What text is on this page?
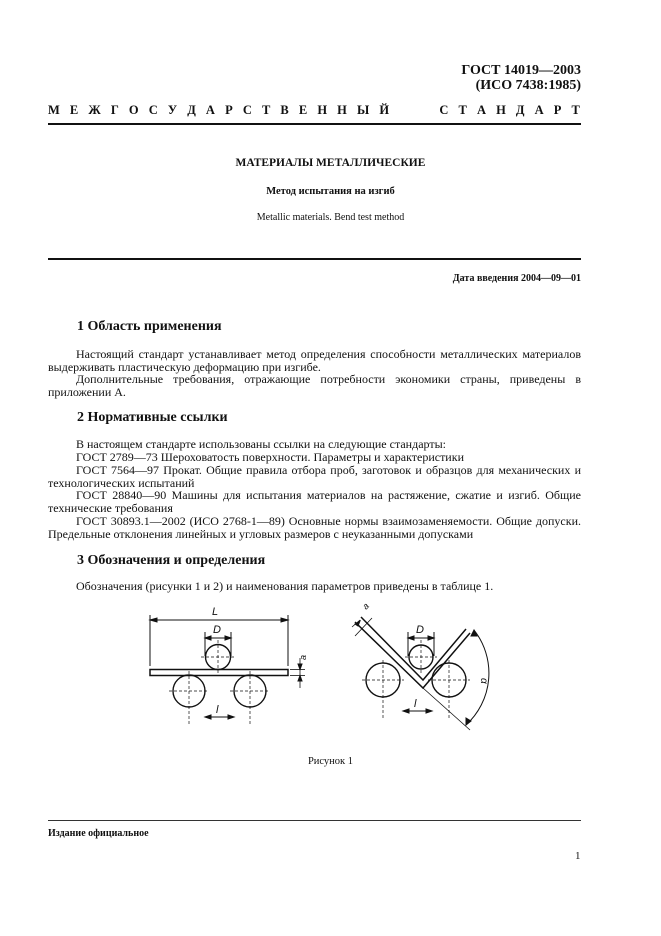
ГОСТ 14019—2003
(ИСО 7438:1985)
М Е Ж Г О С У Д А Р С Т В Е Н Н Ы Й	С Т А Н Д А Р Т
МАТЕРИАЛЫ МЕТАЛЛИЧЕСКИЕ
Метод испытания на изгиб
Metallic materials. Bend test method
Дата введения 2004—09—01
1 Область применения
Настоящий стандарт устанавливает метод определения способности металлических материалов выдерживать пластическую деформацию при изгибе.
Дополнительные требования, отражающие потребности экономики страны, приведены в приложении А.
2 Нормативные ссылки
В настоящем стандарте использованы ссылки на следующие стандарты:
ГОСТ 2789—73 Шероховатость поверхности. Параметры и характеристики
ГОСТ 7564—97 Прокат. Общие правила отбора проб, заготовок и образцов для механических и технологических испытаний
ГОСТ 28840—90 Машины для испытания материалов на растяжение, сжатие и изгиб. Общие технические требования
ГОСТ 30893.1—2002 (ИСО 2768-1—89) Основные нормы взаимозаменяемости. Общие допуски. Предельные отклонения линейных и угловых размеров с неуказанными допусками
3 Обозначения и определения
Обозначения (рисунки 1 и 2) и наименования параметров приведены в таблице 1.
L
D
a
l
a
D
l
α
Рисунок 1
Издание официальное
1
